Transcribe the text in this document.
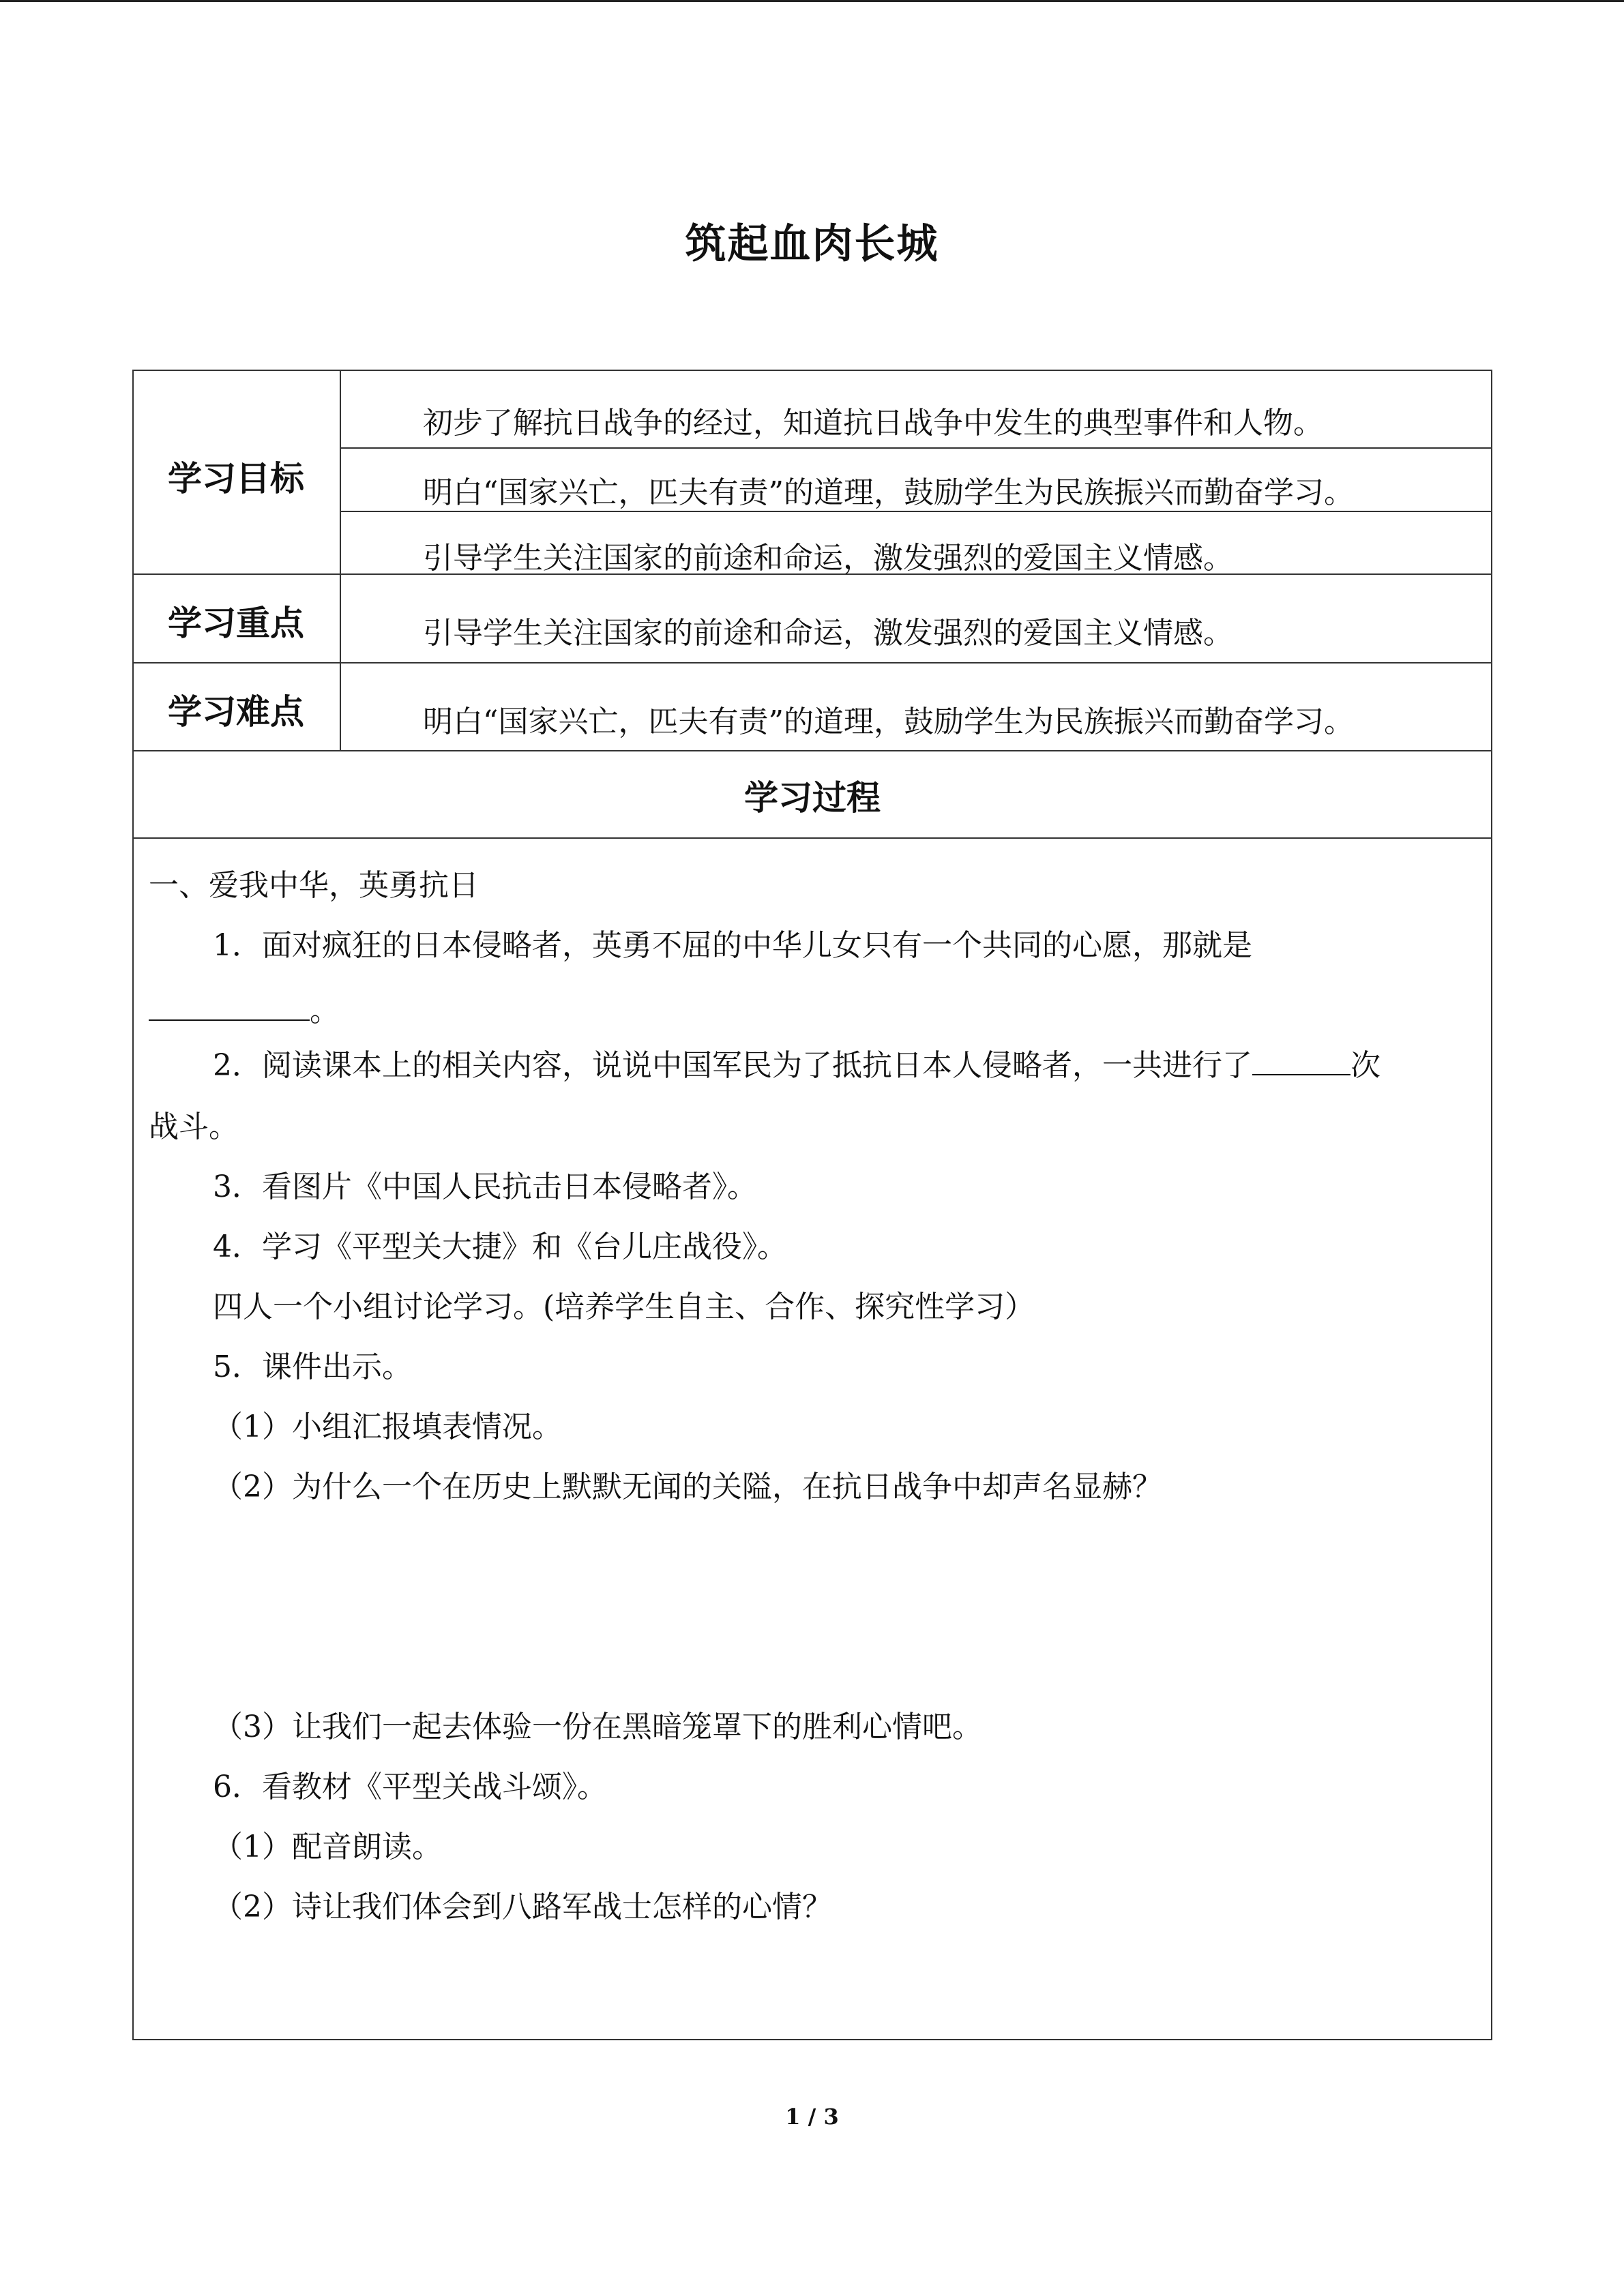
筑起血肉长城
学习目标
初步了解抗日战争的经过，知道抗日战争中发生的典型事件和人物。
明白“国家兴亡，匹夫有责”的道理，鼓励学生为民族振兴而勤奋学习。
引导学生关注国家的前途和命运，激发强烈的爱国主义情感。
学习重点	引导学生关注国家的前途和命运，激发强烈的爱国主义情感。
学习难点	明白“国家兴亡，匹夫有责”的道理，鼓励学生为民族振兴而勤奋学习。
学习过程
一、爱我中华，英勇抗日
1．面对疯狂的日本侵略者，英勇不屈的中华儿女只有一个共同的心愿，那就是
。
2．阅读课本上的相关内容，说说中国军民为了抵抗日本人侵略者，一共进行了	次
战斗。
3．看图片《中国人民抗击日本侵略者》。
4．学习《平型关大捷》和《台儿庄战役》。
四人一个小组讨论学习。(培养学生自主、合作、探究性学习）
5．课件出示。
（1）小组汇报填表情况。
（2）为什么一个在历史上默默无闻的关隘，在抗日战争中却声名显赫？
（3）让我们一起去体验一份在黑暗笼罩下的胜利心情吧。
6．看教材《平型关战斗颂》。
（1）配音朗读。
（2）诗让我们体会到八路军战士怎样的心情？
1 / 3
